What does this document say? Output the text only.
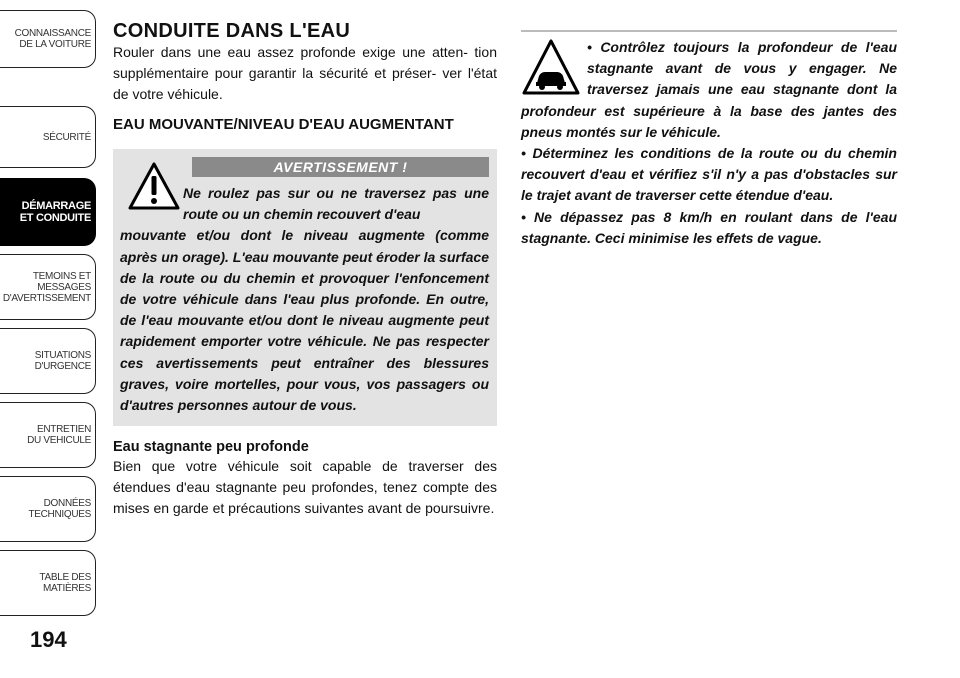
CONNAISSANCE
DE LA VOITURE
SÉCURITÉ
DÉMARRAGE
ET CONDUITE
TEMOINS ET
MESSAGES
D'AVERTISSEMENT
SITUATIONS
D'URGENCE
ENTRETIEN
DU VEHICULE
DONNÉES
TECHNIQUES
TABLE DES
MATIÈRES
194
CONDUITE DANS L'EAU

Rouler dans une eau assez profonde exige une atten- tion supplémentaire pour garantir la sécurité et préser- ver l'état de votre véhicule.

EAU MOUVANTE/NIVEAU D'EAU AUGMENTANT
AVERTISSEMENT !

Ne roulez pas sur ou ne traversez pas une route ou un chemin recouvert d'eau
mouvante et/ou dont le niveau augmente (comme après un orage). L'eau mouvante peut éroder la surface de la route ou du chemin et provoquer l'enfoncement de votre véhicule dans l'eau plus profonde. En outre, de l'eau mouvante et/ou dont le niveau augmente peut rapidement emporter votre véhicule. Ne pas respecter ces avertissements peut entraîner des blessures graves, voire mortelles, pour vous, vos passagers ou d'autres personnes autour de vous.

Eau stagnante peu profonde

Bien que votre véhicule soit capable de traverser des étendues d'eau stagnante peu profondes, tenez compte des mises en garde et précautions suivantes avant de poursuivre.

• Contrôlez toujours la profondeur de l'eau stagnante avant de vous y engager. Ne traversez jamais une eau stagnante dont la profondeur est supérieure à la base des jantes des pneus montés sur le véhicule.

• Déterminez les conditions de la route ou du chemin recouvert d'eau et vérifiez s'il n'y a pas d'obstacles sur le trajet avant de traverser cette étendue d'eau.

• Ne dépassez pas 8 km/h en roulant dans de l'eau stagnante. Ceci minimise les effets de vague.
